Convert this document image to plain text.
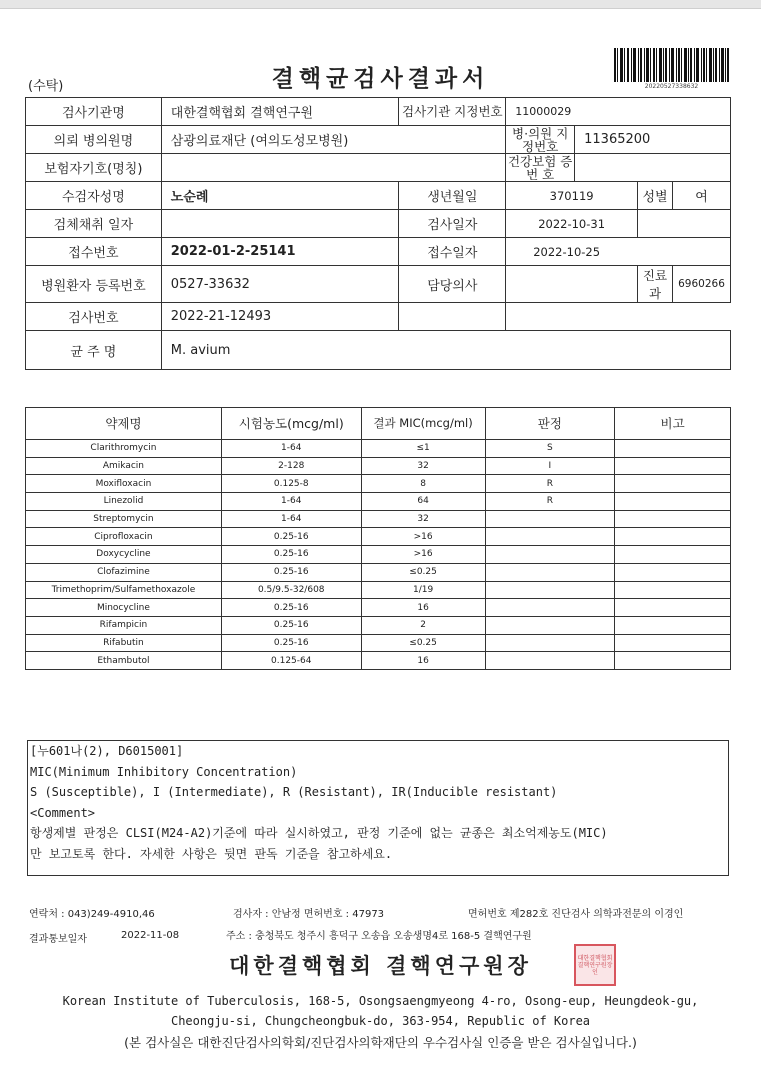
(수탁)	결핵균검사결과서	20220527338632
검사기관명	대한결핵협회 결핵연구원	검사기관 지정번호	11000029			
의뢰 병의원명	삼광의료재단 (여의도성모병원)		병·의원 지정번호	11365200		
보험자기호(명칭)			건강보험 증 번 호			
수검자성명	노순례	생년월일	370119		성별	여
검체채취 일자		검사일자	2022-10-31			
접수번호	2022-01-2-25141	접수일자	2022-10-25			
병원환자 등록번호	0527-33632	담당의사			진료과	6960266
검사번호	2022-21-12493					
균 주 명	M. avium					
약제명	시험농도(mcg/ml)	결과 MIC(mcg/ml)	판정	비고
Clarithromycin	1-64	≤1	S	
Amikacin	2-128	32	I	
Moxifloxacin	0.125-8	8	R	
Linezolid	1-64	64	R	
Streptomycin	1-64	32		
Ciprofloxacin	0.25-16	>16		
Doxycycline	0.25-16	>16		
Clofazimine	0.25-16	≤0.25		
Trimethoprim/Sulfamethoxazole	0.5/9.5-32/608	1/19		
Minocycline	0.25-16	16		
Rifampicin	0.25-16	2		
Rifabutin	0.25-16	≤0.25		
Ethambutol	0.125-64	16		
[누601나(2), D6015001]
MIC(Minimum Inhibitory Concentration)
S (Susceptible), I (Intermediate), R (Resistant), IR(Inducible resistant)
<Comment>
항생제별 판정은 CLSI(M24-A2)기준에 따라 실시하였고, 판정 기준에 없는 균종은 최소억제농도(MIC)
만 보고토록 한다. 자세한 사항은 뒷면 판독 기준을 참고하세요.
연락처 : 043)249-4910,46	검사자 : 안남정 면허번호 : 47973	면허번호 제282호 진단검사 의학과전문의 이경인
결과통보일자	2022-11-08	주소 : 충청북도 청주시 흥덕구 오송읍 오송생명4로 168-5 결핵연구원
대한결핵협회 결핵연구원장	대한결핵협회결핵연구원장인
Korean Institute of Tuberculosis, 168-5, Osongsaengmyeong 4-ro, Osong-eup, Heungdeok-gu,
Cheongju-si, Chungcheongbuk-do, 363-954, Republic of Korea
(본 검사실은 대한진단검사의학회/진단검사의학재단의 우수검사실 인증을 받은 검사실입니다.)
